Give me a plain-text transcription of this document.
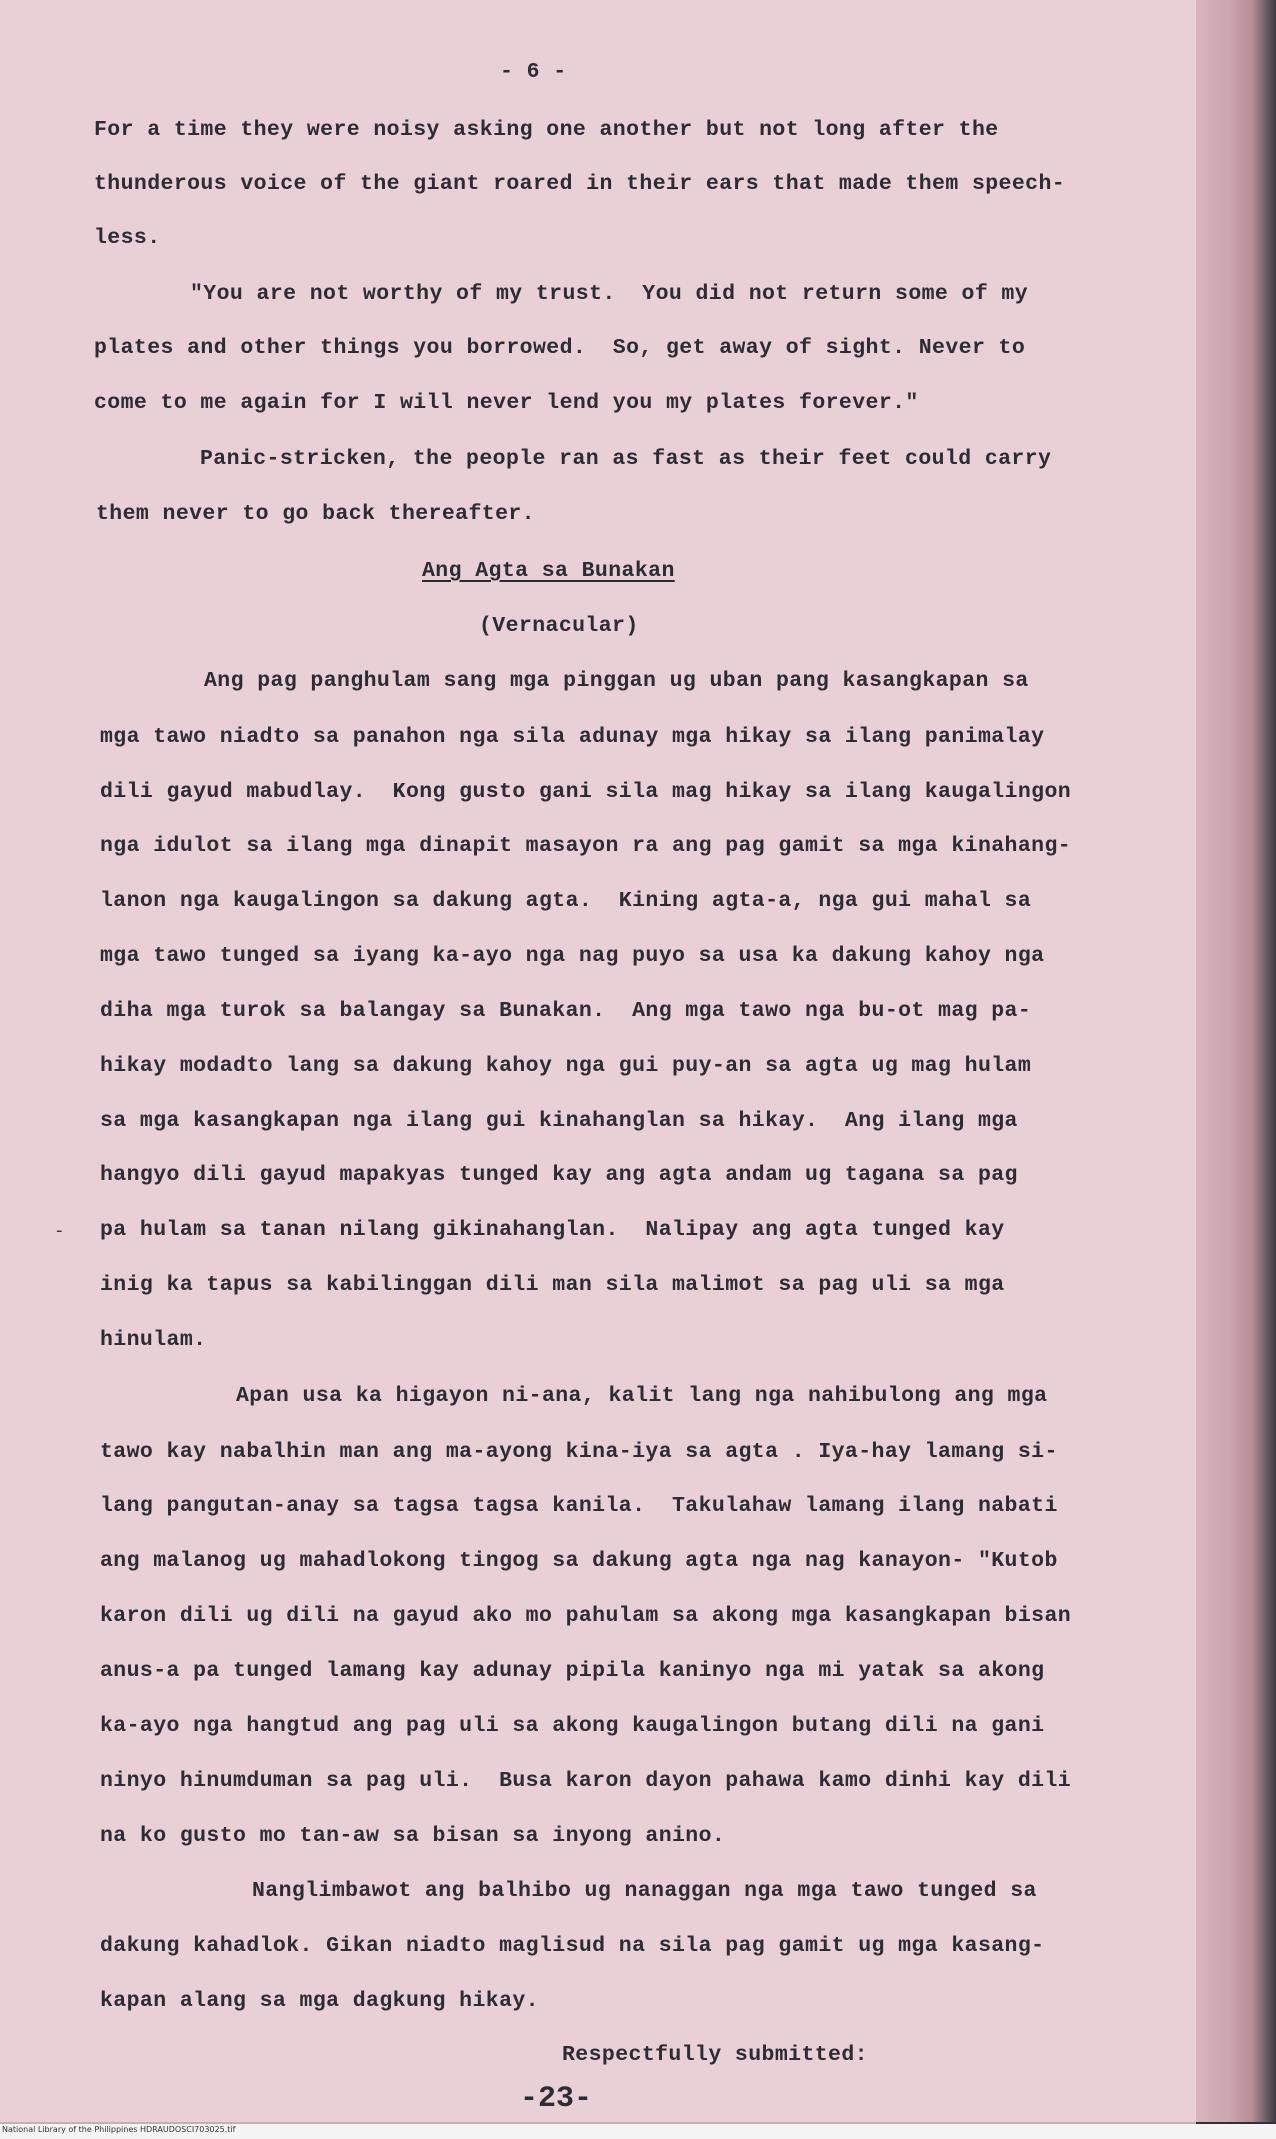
- 6 -
For a time they were noisy asking one another but not long after the
thunderous voice of the giant roared in their ears that made them speech-
less.
"You are not worthy of my trust.  You did not return some of my
plates and other things you borrowed.  So, get away of sight. Never to
come to me again for I will never lend you my plates forever."
Panic-stricken, the people ran as fast as their feet could carry
them never to go back thereafter.
Ang Agta sa Bunakan
(Vernacular)
Ang pag panghulam sang mga pinggan ug uban pang kasangkapan sa
mga tawo niadto sa panahon nga sila adunay mga hikay sa ilang panimalay
dili gayud mabudlay.  Kong gusto gani sila mag hikay sa ilang kaugalingon
nga idulot sa ilang mga dinapit masayon ra ang pag gamit sa mga kinahang-
lanon nga kaugalingon sa dakung agta.  Kining agta-a, nga gui mahal sa
mga tawo tunged sa iyang ka-ayo nga nag puyo sa usa ka dakung kahoy nga
diha mga turok sa balangay sa Bunakan.  Ang mga tawo nga bu-ot mag pa-
hikay modadto lang sa dakung kahoy nga gui puy-an sa agta ug mag hulam
sa mga kasangkapan nga ilang gui kinahanglan sa hikay.  Ang ilang mga
hangyo dili gayud mapakyas tunged kay ang agta andam ug tagana sa pag
pa hulam sa tanan nilang gikinahanglan.  Nalipay ang agta tunged kay
inig ka tapus sa kabilinggan dili man sila malimot sa pag uli sa mga
hinulam.
Apan usa ka higayon ni-ana, kalit lang nga nahibulong ang mga
tawo kay nabalhin man ang ma-ayong kina-iya sa agta . Iya-hay lamang si-
lang pangutan-anay sa tagsa tagsa kanila.  Takulahaw lamang ilang nabati
ang malanog ug mahadlokong tingog sa dakung agta nga nag kanayon- "Kutob
karon dili ug dili na gayud ako mo pahulam sa akong mga kasangkapan bisan
anus-a pa tunged lamang kay adunay pipila kaninyo nga mi yatak sa akong
ka-ayo nga hangtud ang pag uli sa akong kaugalingon butang dili na gani
ninyo hinumduman sa pag uli.  Busa karon dayon pahawa kamo dinhi kay dili
na ko gusto mo tan-aw sa bisan sa inyong anino.
Nanglimbawot ang balhibo ug nanaggan nga mga tawo tunged sa
dakung kahadlok. Gikan niadto maglisud na sila pag gamit ug mga kasang-
kapan alang sa mga dagkung hikay.
Respectfully submitted:
-23-
-
National Library of the Philippines HDRAUDOSCI703025.tif
